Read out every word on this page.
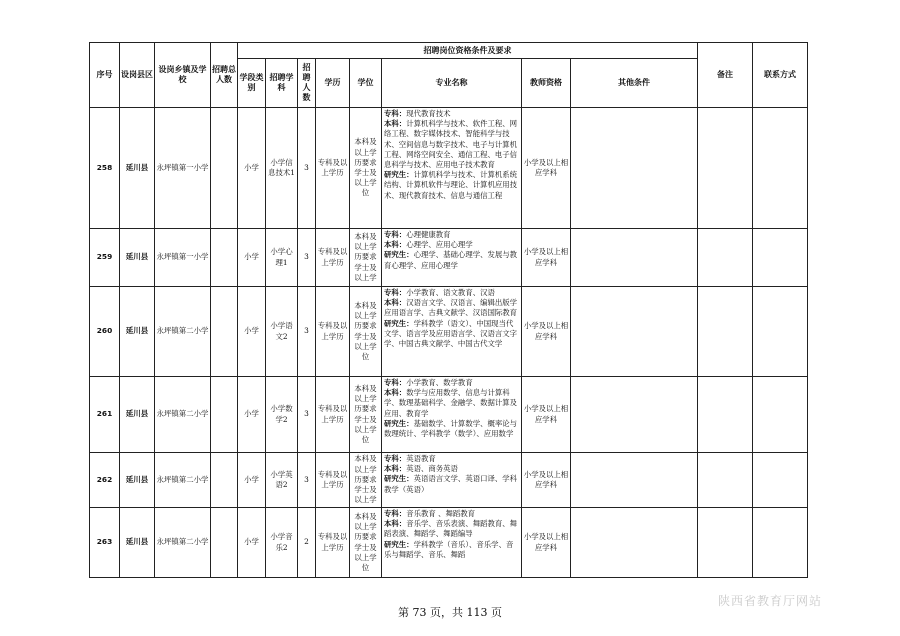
序号	设岗县区	设岗乡镇及学校	招聘总人数	招聘岗位资格条件及要求								备注	联系方式
				学段类别	招聘学科	招聘人数	学历	学位	专业名称	教师资格	其他条件		
258	延川县	永坪镇第一小学		小学	小学信息技术1	3	专科及以上学历	本科及以上学历要求学士及以上学位	专科：现代教育技术
本科：计算机科学与技术、软件工程、网络工程、数字媒体技术、智能科学与技术、空间信息与数字技术、电子与计算机工程、网络空间安全、通信工程、电子信息科学与技术、应用电子技术教育
研究生：计算机科学与技术、计算机系统结构、计算机软件与理论、计算机应用技术、现代教育技术、信息与通信工程	小学及以上相应学科			
259	延川县	永坪镇第一小学		小学	小学心理1	3	专科及以上学历	本科及以上学历要求学士及以上学	专科：心理健康教育
本科：心理学、应用心理学
研究生：心理学、基础心理学、发展与教育心理学、应用心理学	小学及以上相应学科			
260	延川县	永坪镇第二小学		小学	小学语文2	3	专科及以上学历	本科及以上学历要求学士及以上学位	专科：小学教育、语文教育、汉语
本科：汉语言文学、汉语言、编辑出版学 应用语言学、古典文献学、汉语国际教育
研究生：学科教学（语文）、中国现当代文学、语言学及应用语言学、汉语言文字学、中国古典文献学、中国古代文学	小学及以上相应学科			
261	延川县	永坪镇第二小学		小学	小学数学2	3	专科及以上学历	本科及以上学历要求学士及以上学位	专科：小学教育、数学教育
本科：数学与应用数学、信息与计算科学、数理基础科学、金融学、数据计算及应用、教育学
研究生：基础数学、计算数学、概率论与数理统计、学科教学（数学）、应用数学	小学及以上相应学科			
262	延川县	永坪镇第二小学		小学	小学英语2	3	专科及以上学历	本科及以上学历要求学士及以上学	专科：英语教育
本科：英语、商务英语
研究生：英语语言文学、英语口译、学科教学（英语）	小学及以上相应学科			
263	延川县	永坪镇第二小学		小学	小学音乐2	2	专科及以上学历	本科及以上学历要求学士及以上学位	专科：音乐教育 、舞蹈教育
本科：音乐学、音乐表演、舞蹈教育、舞蹈表演、舞蹈学、舞蹈编导
研究生：学科教学（音乐）、音乐学、音乐与舞蹈学、音乐、舞蹈	小学及以上相应学科			
第 73 页，共 113 页
陕西省教育厅网站
